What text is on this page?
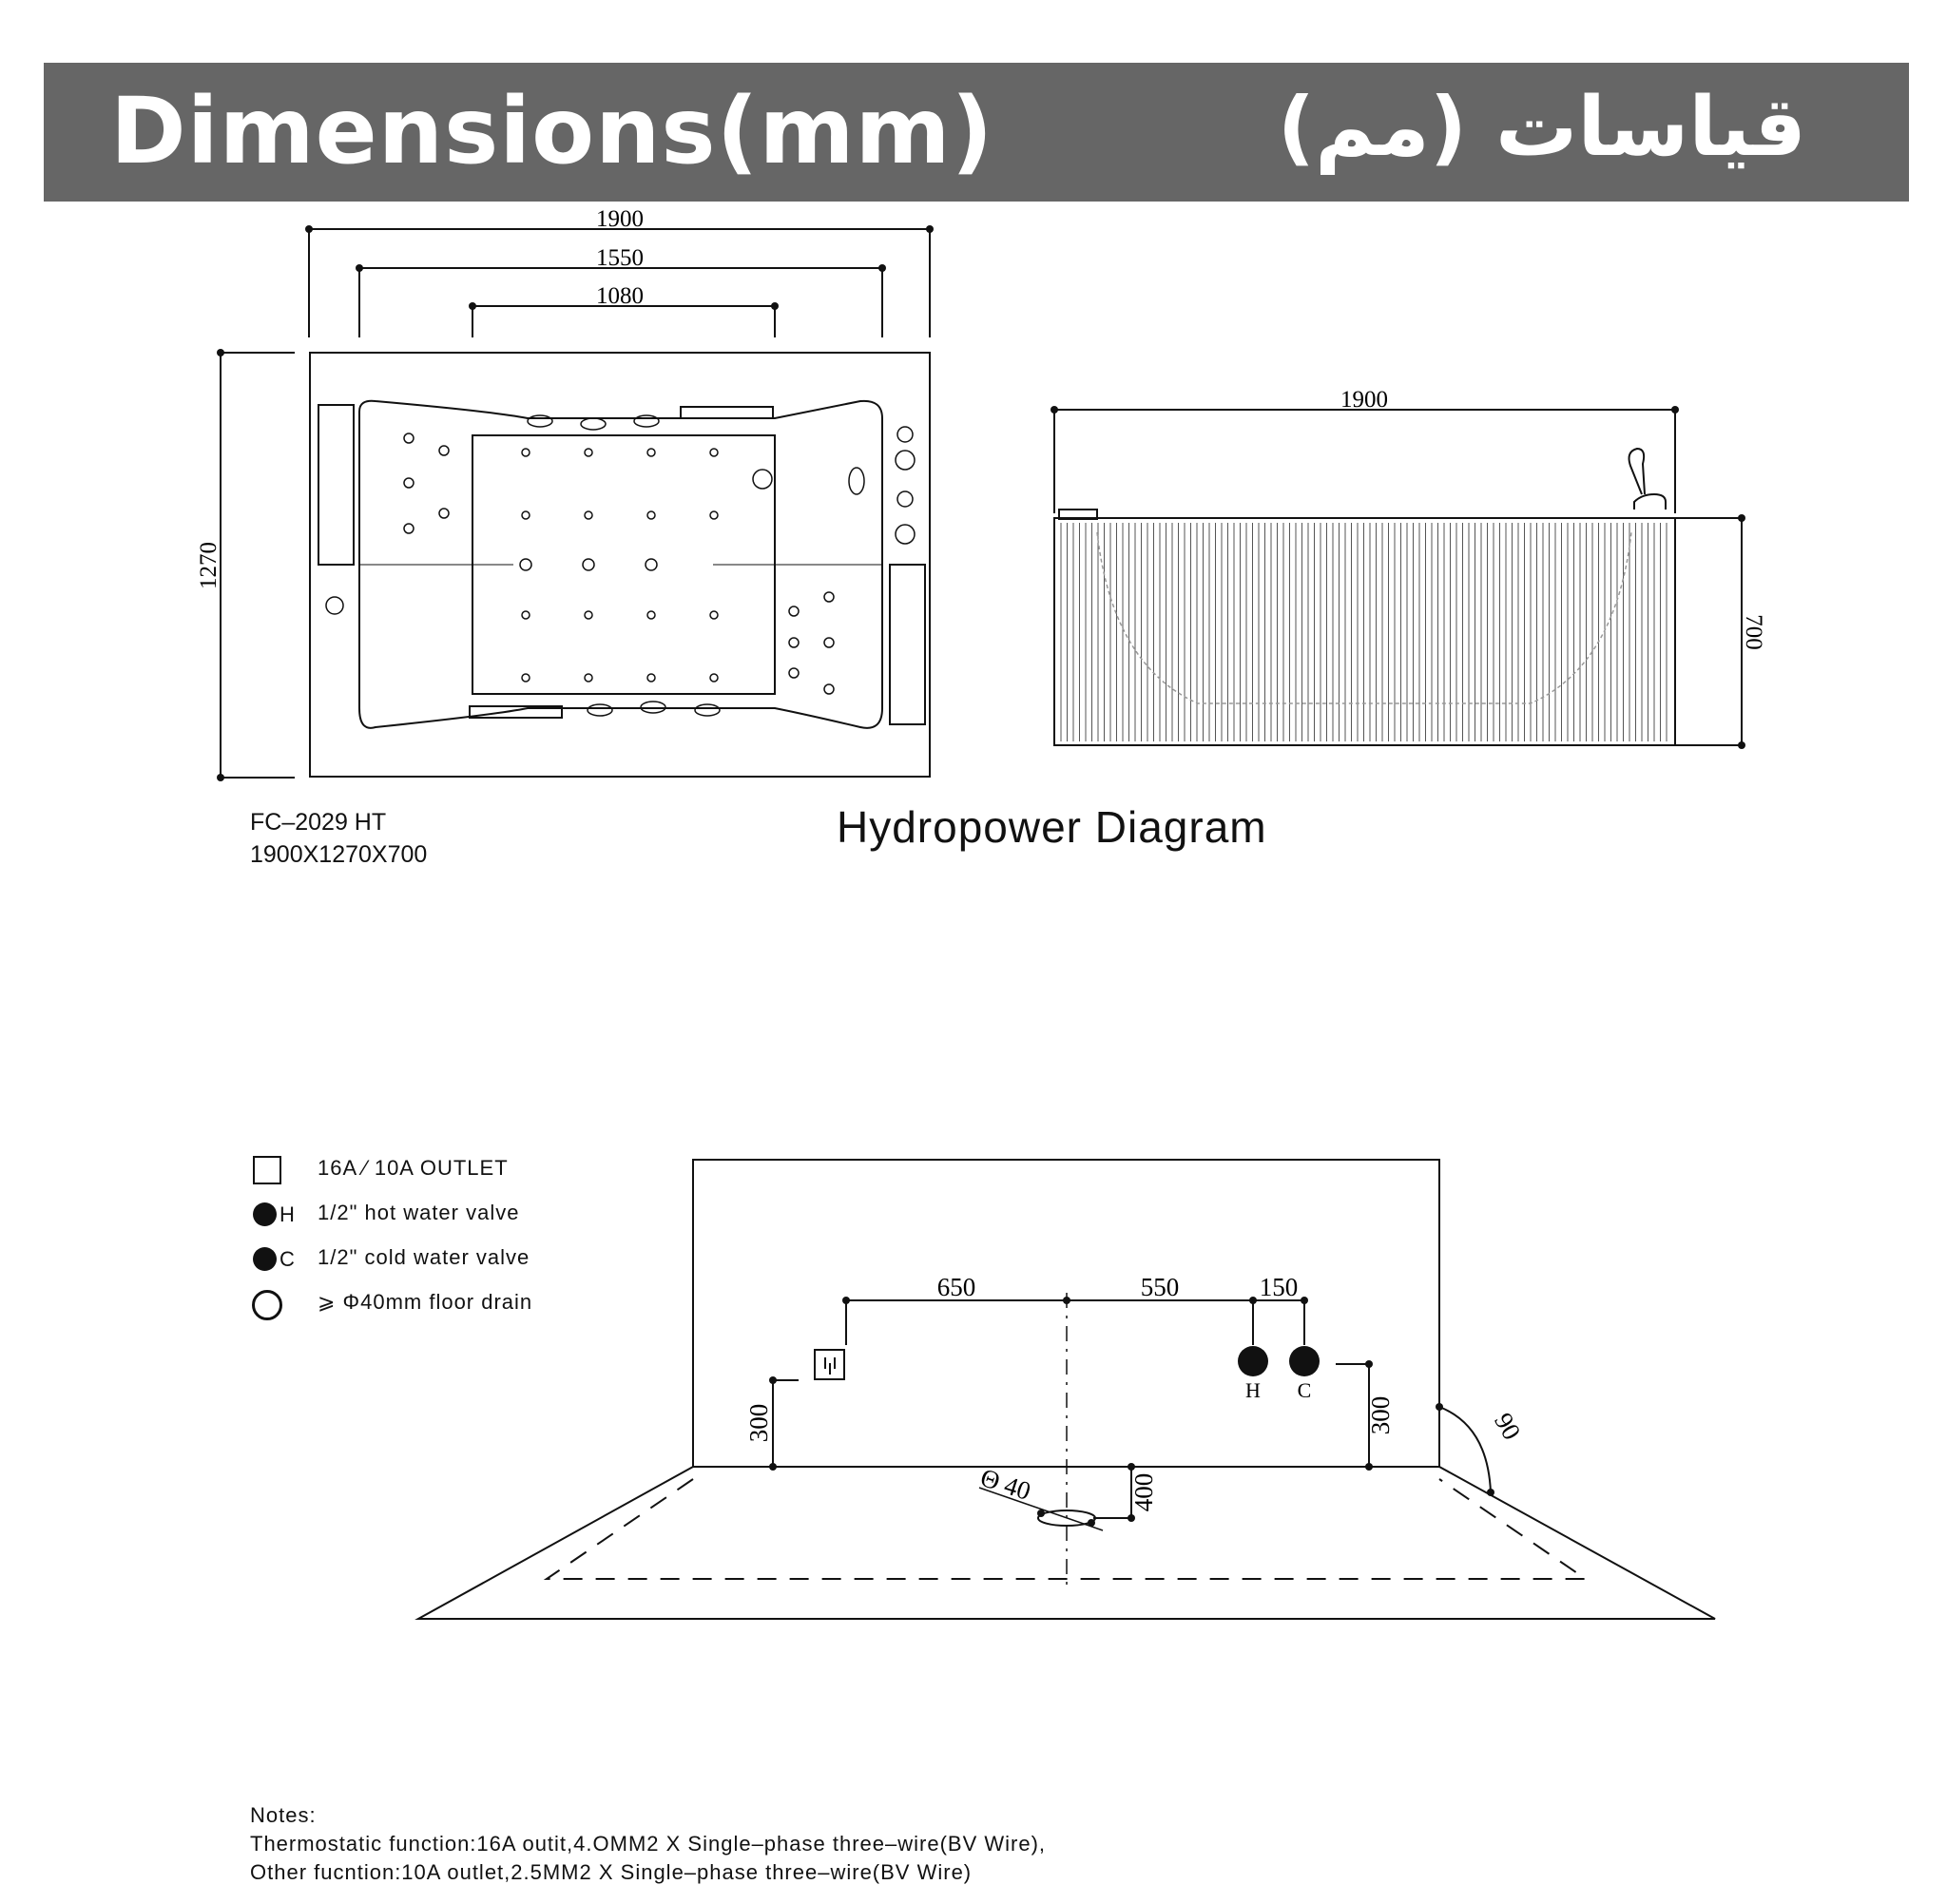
Dimensions(mm)	قياسات (مم)
1900
1550
1080
1270
1900
700
650	550	150
300	300
400
Θ 40
90
H C
FC–2029 HT
1900X1270X700
Hydropower Diagram
16A ⁄ 10A OUTLET
H 1/2" hot water valve
C 1/2" cold water valve
⩾ Φ40mm floor drain
Notes:
Thermostatic function:16A outit,4.OMM2 X Single–phase three–wire(BV Wire),
Other fucntion:10A outlet,2.5MM2 X Single–phase three–wire(BV Wire)
